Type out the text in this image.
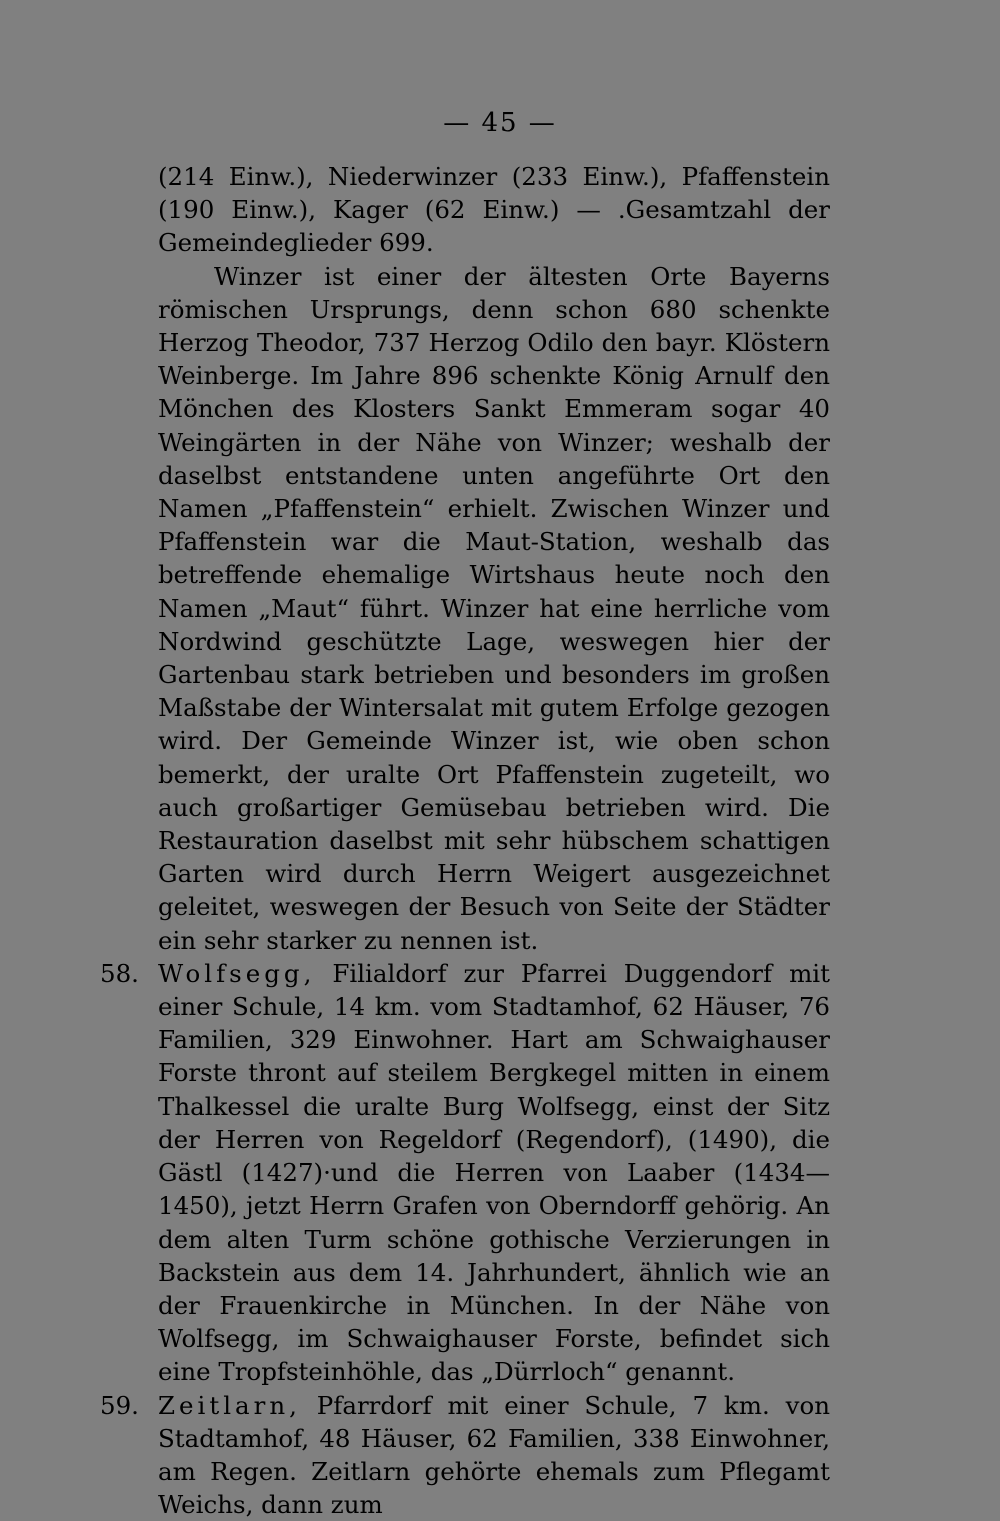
— 45 —

(214 Einw.), Niederwinzer (233 Einw.), Pfaffenstein (190 Einw.), Kager (62 Einw.) — .Gesamtzahl der Gemeindeglieder 699.

Winzer ist einer der ältesten Orte Bayerns römischen Ursprungs, denn schon 680 schenkte Herzog Theodor, 737 Herzog Odilo den bayr. Klöstern Weinberge. Im Jahre 896 schenkte König Arnulf den Mönchen des Klosters Sankt Emmeram sogar 40 Weingärten in der Nähe von Winzer; weshalb der daselbst entstandene unten angeführte Ort den Namen „Pfaffenstein“ erhielt. Zwischen Winzer und Pfaffenstein war die Maut-Station, weshalb das betreffende ehemalige Wirtshaus heute noch den Namen „Maut“ führt. Winzer hat eine herrliche vom Nordwind geschützte Lage, weswegen hier der Gartenbau stark betrieben und besonders im großen Maßstabe der Wintersalat mit gutem Erfolge gezogen wird. Der Gemeinde Winzer ist, wie oben schon bemerkt, der uralte Ort Pfaffenstein zugeteilt, wo auch großartiger Gemüsebau betrieben wird. Die Restauration daselbst mit sehr hübschem schattigen Garten wird durch Herrn Weigert ausgezeichnet geleitet, weswegen der Besuch von Seite der Städter ein sehr starker zu nennen ist.

58. Wolfsegg, Filialdorf zur Pfarrei Duggendorf mit einer Schule, 14 km. vom Stadtamhof, 62 Häuser, 76 Familien, 329 Einwohner. Hart am Schwaighauser Forste thront auf steilem Bergkegel mitten in einem Thalkessel die uralte Burg Wolfsegg, einst der Sitz der Herren von Regeldorf (Regendorf), (1490), die Gästl (1427)·und die Herren von Laaber (1434—1450), jetzt Herrn Grafen von Oberndorff gehörig. An dem alten Turm schöne gothische Verzierungen in Backstein aus dem 14. Jahrhundert, ähnlich wie an der Frauenkirche in München. In der Nähe von Wolfsegg, im Schwaighauser Forste, befindet sich eine Tropfsteinhöhle, das „Dürrloch“ genannt.

59. Zeitlarn, Pfarrdorf mit einer Schule, 7 km. von Stadtamhof, 48 Häuser, 62 Familien, 338 Einwohner, am Regen. Zeitlarn gehörte ehemals zum Pflegamt Weichs, dann zum
